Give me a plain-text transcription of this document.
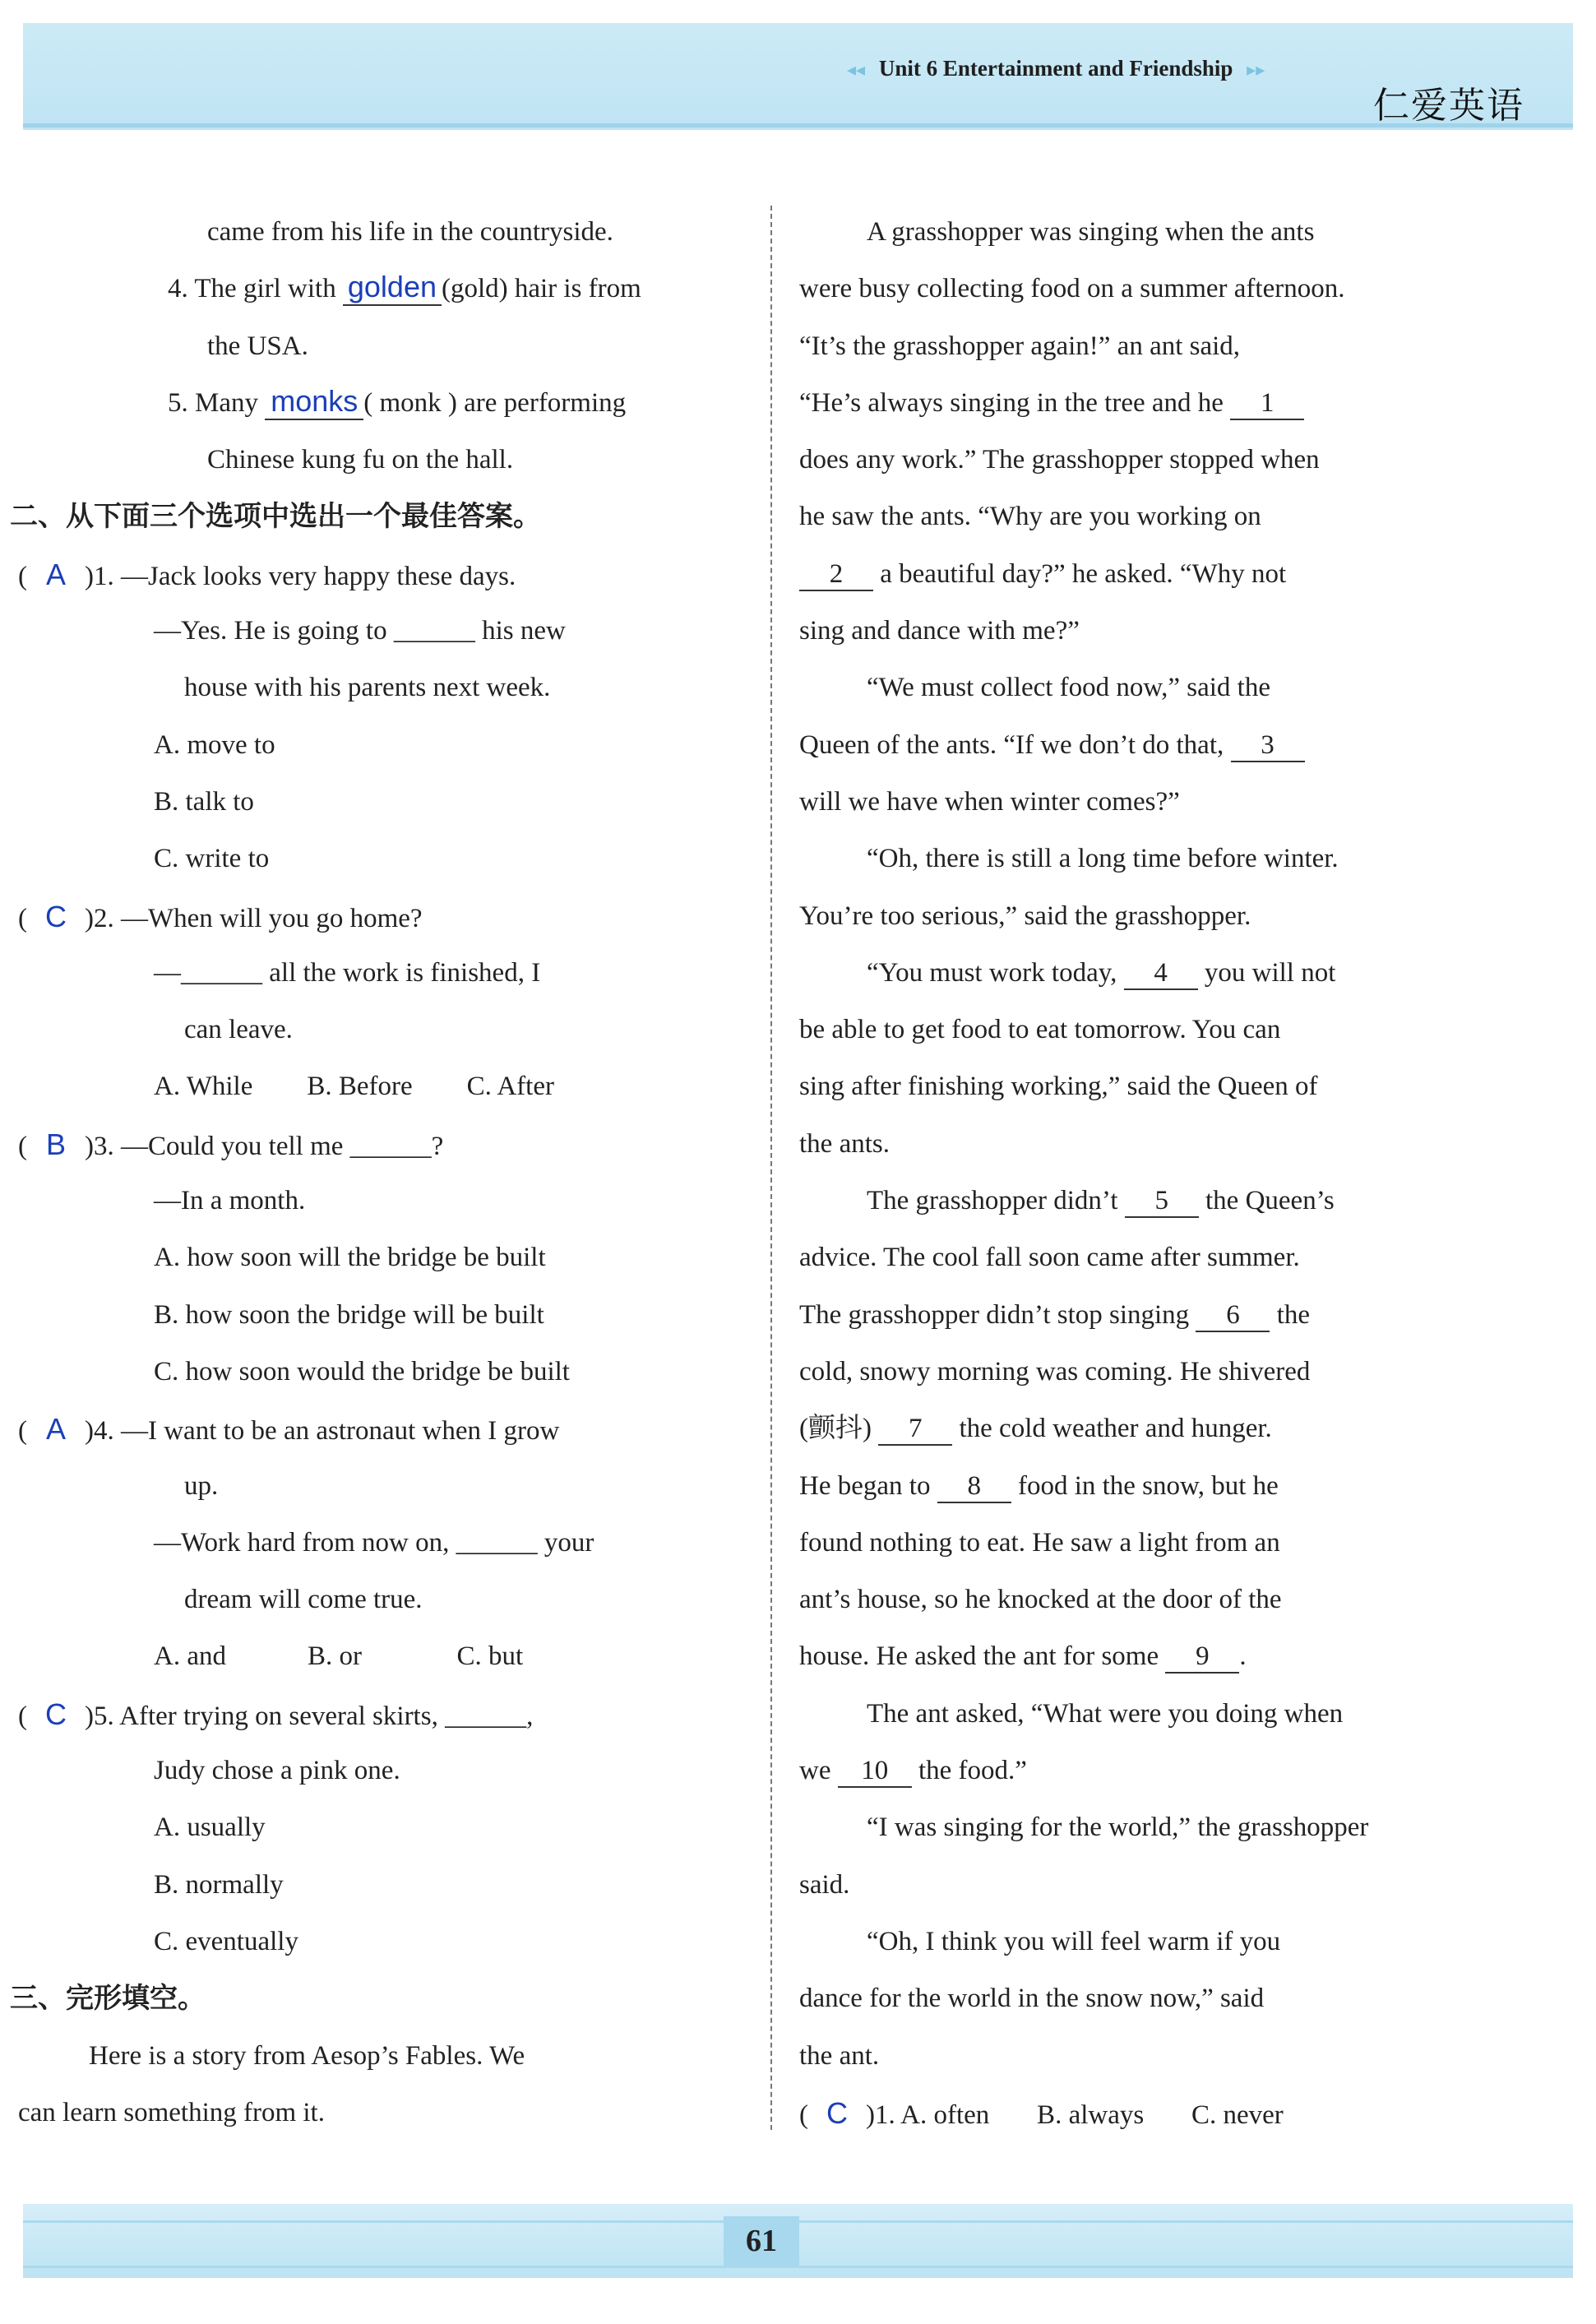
◂◂ Unit 6 Entertainment and Friendship ▸▸
仁爱英语
came from his life in the countryside.
4. The girl with golden (gold) hair is from
the USA.
5. Many monks ( monk ) are performing
Chinese kung fu on the hall.
二、从下面三个选项中选出一个最佳答案。
( A )1. —Jack looks very happy these days.
—Yes. He is going to ______ his new
house with his parents next week.
A. move to
B. talk to
C. write to
( C )2. —When will you go home?
—______ all the work is finished, I
can leave.
A. While        B. Before        C. After
( B )3. —Could you tell me ______?
—In a month.
A. how soon will the bridge be built
B. how soon the bridge will be built
C. how soon would the bridge be built
( A )4. —I want to be an astronaut when I grow
up.
—Work hard from now on, ______ your
dream will come true.
A. and            B. or              C. but
( C )5. After trying on several skirts, ______,
Judy chose a pink one.
A. usually
B. normally
C. eventually
三、完形填空。
Here is a story from Aesop’s Fables. We
can learn something from it.
A grasshopper was singing when the ants
were busy collecting food on a summer afternoon.
“It’s the grasshopper again!” an ant said,
“He’s always singing in the tree and he 1
does any work.” The grasshopper stopped when
he saw the ants. “Why are you working on
2 a beautiful day?” he asked. “Why not
sing and dance with me?”
“We must collect food now,” said the
Queen of the ants. “If we don’t do that, 3
will we have when winter comes?”
“Oh, there is still a long time before winter.
You’re too serious,” said the grasshopper.
“You must work today, 4 you will not
be able to get food to eat tomorrow. You can
sing after finishing working,” said the Queen of
the ants.
The grasshopper didn’t 5 the Queen’s
advice. The cool fall soon came after summer.
The grasshopper didn’t stop singing 6 the
cold, snowy morning was coming. He shivered
(颤抖) 7 the cold weather and hunger.
He began to 8 food in the snow, but he
found nothing to eat. He saw a light from an
ant’s house, so he knocked at the door of the
house. He asked the ant for some 9 .
The ant asked, “What were you doing when
we 10 the food.”
“I was singing for the world,” the grasshopper
said.
“Oh, I think you will feel warm if you
dance for the world in the snow now,” said
the ant.
( C )1. A. often       B. always       C. never
61
